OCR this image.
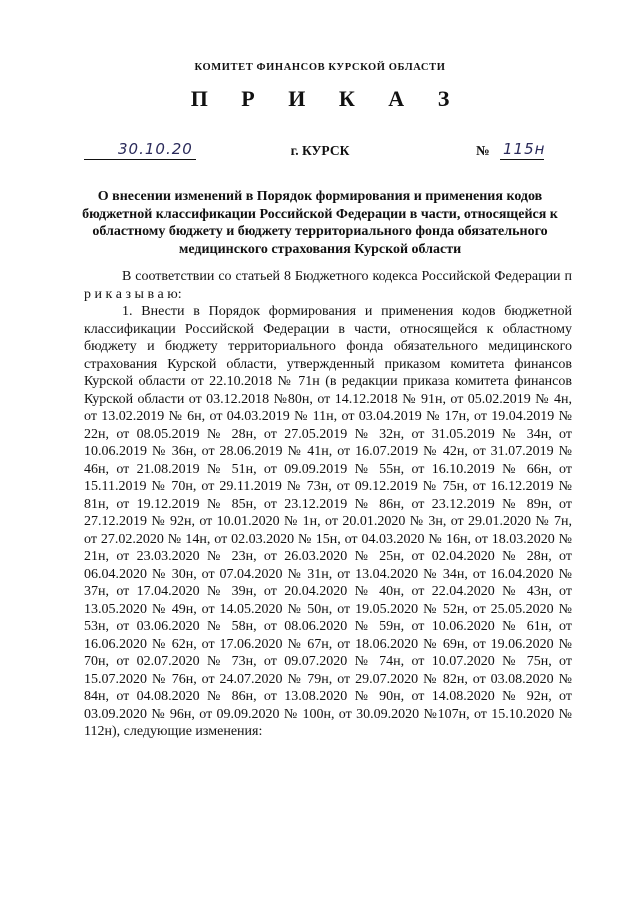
КОМИТЕТ ФИНАНСОВ КУРСКОЙ ОБЛАСТИ
П Р И К А З
30.10.20	г. КУРСК	№ 115н
О внесении изменений в Порядок формирования и применения кодов бюджетной классификации Российской Федерации в части, относящейся к областному бюджету и бюджету территориального фонда обязательного медицинского страхования Курской области

В соответствии со статьей 8 Бюджетного кодекса Российской Федерации п р и к а з ы в а ю:

1. Внести в Порядок формирования и применения кодов бюджетной классификации Российской Федерации в части, относящейся к областному бюджету и бюджету территориального фонда обязательного медицинского страхования Курской области, утвержденный приказом комитета финансов Курской области от 22.10.2018 № 71н (в редакции приказа комитета финансов Курской области от 03.12.2018 №80н, от 14.12.2018 № 91н, от 05.02.2019 № 4н, от 13.02.2019 № 6н, от 04.03.2019 № 11н, от 03.04.2019 № 17н, от 19.04.2019 № 22н, от 08.05.2019 № 28н, от 27.05.2019 № 32н, от 31.05.2019 № 34н, от 10.06.2019 № 36н, от 28.06.2019 № 41н, от 16.07.2019 № 42н, от 31.07.2019 № 46н, от 21.08.2019 № 51н, от 09.09.2019 № 55н, от 16.10.2019 № 66н, от 15.11.2019 № 70н, от 29.11.2019 № 73н, от 09.12.2019 № 75н, от 16.12.2019 № 81н, от 19.12.2019 № 85н, от 23.12.2019 № 86н, от 23.12.2019 № 89н, от 27.12.2019 № 92н, от 10.01.2020 № 1н, от 20.01.2020 № 3н, от 29.01.2020 № 7н, от 27.02.2020 № 14н, от 02.03.2020 № 15н, от 04.03.2020 № 16н, от 18.03.2020 № 21н, от 23.03.2020 № 23н, от 26.03.2020 № 25н, от 02.04.2020 № 28н, от 06.04.2020 № 30н, от 07.04.2020 № 31н, от 13.04.2020 № 34н, от 16.04.2020 № 37н, от 17.04.2020 № 39н, от 20.04.2020 № 40н, от 22.04.2020 № 43н, от 13.05.2020 № 49н, от 14.05.2020 № 50н, от 19.05.2020 № 52н, от 25.05.2020 № 53н, от 03.06.2020 № 58н, от 08.06.2020 № 59н, от 10.06.2020 № 61н, от 16.06.2020 № 62н, от 17.06.2020 № 67н, от 18.06.2020 № 69н, от 19.06.2020 № 70н, от 02.07.2020 № 73н, от 09.07.2020 № 74н, от 10.07.2020 № 75н, от 15.07.2020 № 76н, от 24.07.2020 № 79н, от 29.07.2020 № 82н, от 03.08.2020 № 84н, от 04.08.2020 № 86н, от 13.08.2020 № 90н, от 14.08.2020 № 92н, от 03.09.2020 № 96н, от 09.09.2020 № 100н, от 30.09.2020 №107н, от 15.10.2020 № 112н), следующие изменения:
